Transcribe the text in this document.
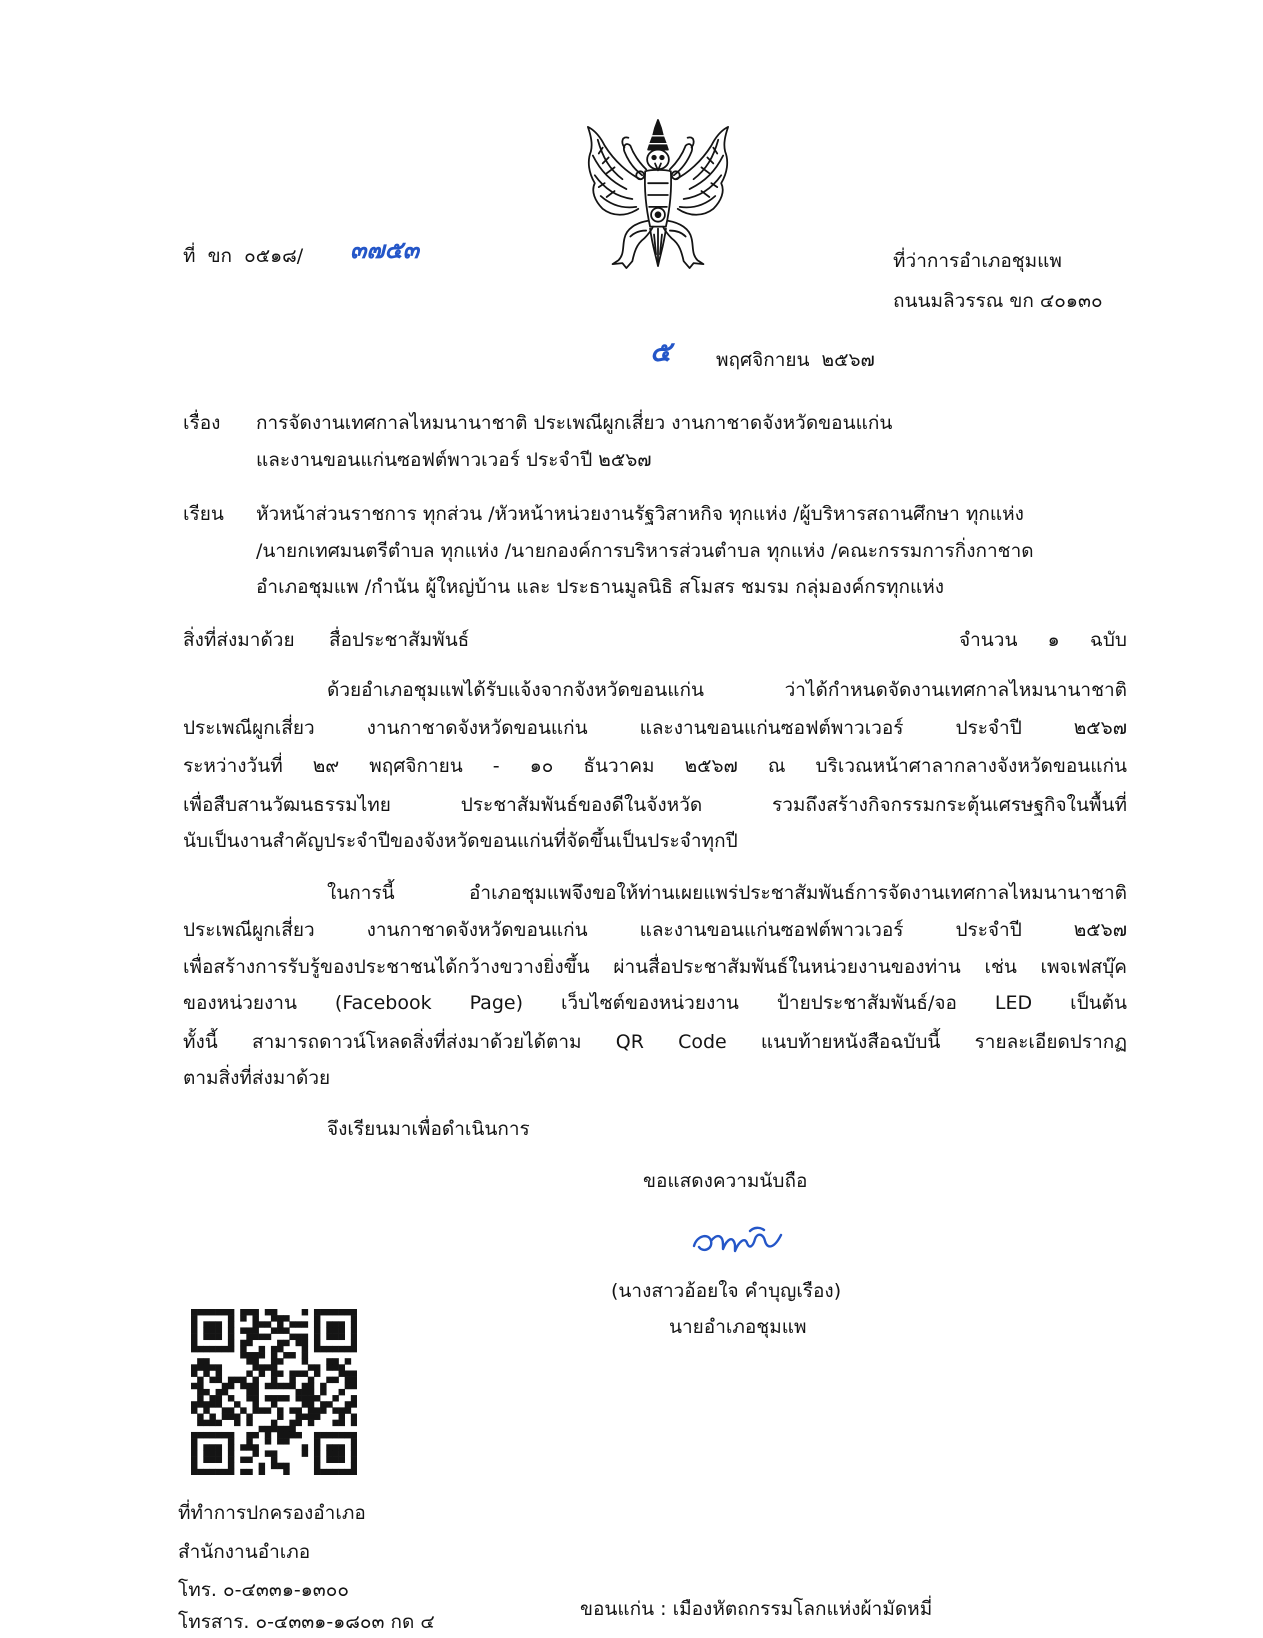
ที่ ขก ๐๕๑๘/ ๓๗๕๓	ที่ว่าการอำเภอชุมแพ
ถนนมลิวรรณ ขก ๔๐๑๓๐
๕ พฤศจิกายน ๒๕๖๗
เรื่อง การจัดงานเทศกาลไหมนานาชาติ ประเพณีผูกเสี่ยว งานกาชาดจังหวัดขอนแก่น
และงานขอนแก่นซอฟต์พาวเวอร์ ประจำปี ๒๕๖๗
เรียน หัวหน้าส่วนราชการ ทุกส่วน /หัวหน้าหน่วยงานรัฐวิสาหกิจ ทุกแห่ง /ผู้บริหารสถานศึกษา ทุกแห่ง
/นายกเทศมนตรีตำบล ทุกแห่ง /นายกองค์การบริหารส่วนตำบล ทุกแห่ง /คณะกรรมการกิ่งกาชาด
อำเภอชุมแพ /กำนัน ผู้ใหญ่บ้าน และ ประธานมูลนิธิ สโมสร ชมรม กลุ่มองค์กรทุกแห่ง
สิ่งที่ส่งมาด้วย สื่อประชาสัมพันธ์	จำนวน ๑ ฉบับ
ด้วยอำเภอชุมแพได้รับแจ้งจากจังหวัดขอนแก่น ว่าได้กำหนดจัดงานเทศกาลไหมนานาชาติ
ประเพณีผูกเสี่ยว งานกาชาดจังหวัดขอนแก่น และงานขอนแก่นซอฟต์พาวเวอร์ ประจำปี ๒๕๖๗
ระหว่างวันที่ ๒๙ พฤศจิกายน - ๑๐ ธันวาคม ๒๕๖๗ ณ บริเวณหน้าศาลากลางจังหวัดขอนแก่น
เพื่อสืบสานวัฒนธรรมไทย ประชาสัมพันธ์ของดีในจังหวัด รวมถึงสร้างกิจกรรมกระตุ้นเศรษฐกิจในพื้นที่
นับเป็นงานสำคัญประจำปีของจังหวัดขอนแก่นที่จัดขึ้นเป็นประจำทุกปี
ในการนี้ อำเภอชุมแพจึงขอให้ท่านเผยแพร่ประชาสัมพันธ์การจัดงานเทศกาลไหมนานาชาติ
ประเพณีผูกเสี่ยว งานกาชาดจังหวัดขอนแก่น และงานขอนแก่นซอฟต์พาวเวอร์ ประจำปี ๒๕๖๗
เพื่อสร้างการรับรู้ของประชาชนได้กว้างขวางยิ่งขึ้น ผ่านสื่อประชาสัมพันธ์ในหน่วยงานของท่าน เช่น เพจเฟสบุ๊ค
ของหน่วยงาน (Facebook Page) เว็บไซต์ของหน่วยงาน ป้ายประชาสัมพันธ์/จอ LED เป็นต้น
ทั้งนี้ สามารถดาวน์โหลดสิ่งที่ส่งมาด้วยได้ตาม QR Code แนบท้ายหนังสือฉบับนี้ รายละเอียดปรากฏ
ตามสิ่งที่ส่งมาด้วย
จึงเรียนมาเพื่อดำเนินการ
ขอแสดงความนับถือ
(นางสาวอ้อยใจ คำบุญเรือง)
นายอำเภอชุมแพ
ที่ทำการปกครองอำเภอ
สำนักงานอำเภอ
โทร. ๐-๔๓๓๑-๑๓๐๐
โทรสาร. ๐-๔๓๓๑-๑๘๐๓ กด ๔
ขอนแก่น : เมืองหัตถกรรมโลกแห่งผ้ามัดหมี่
